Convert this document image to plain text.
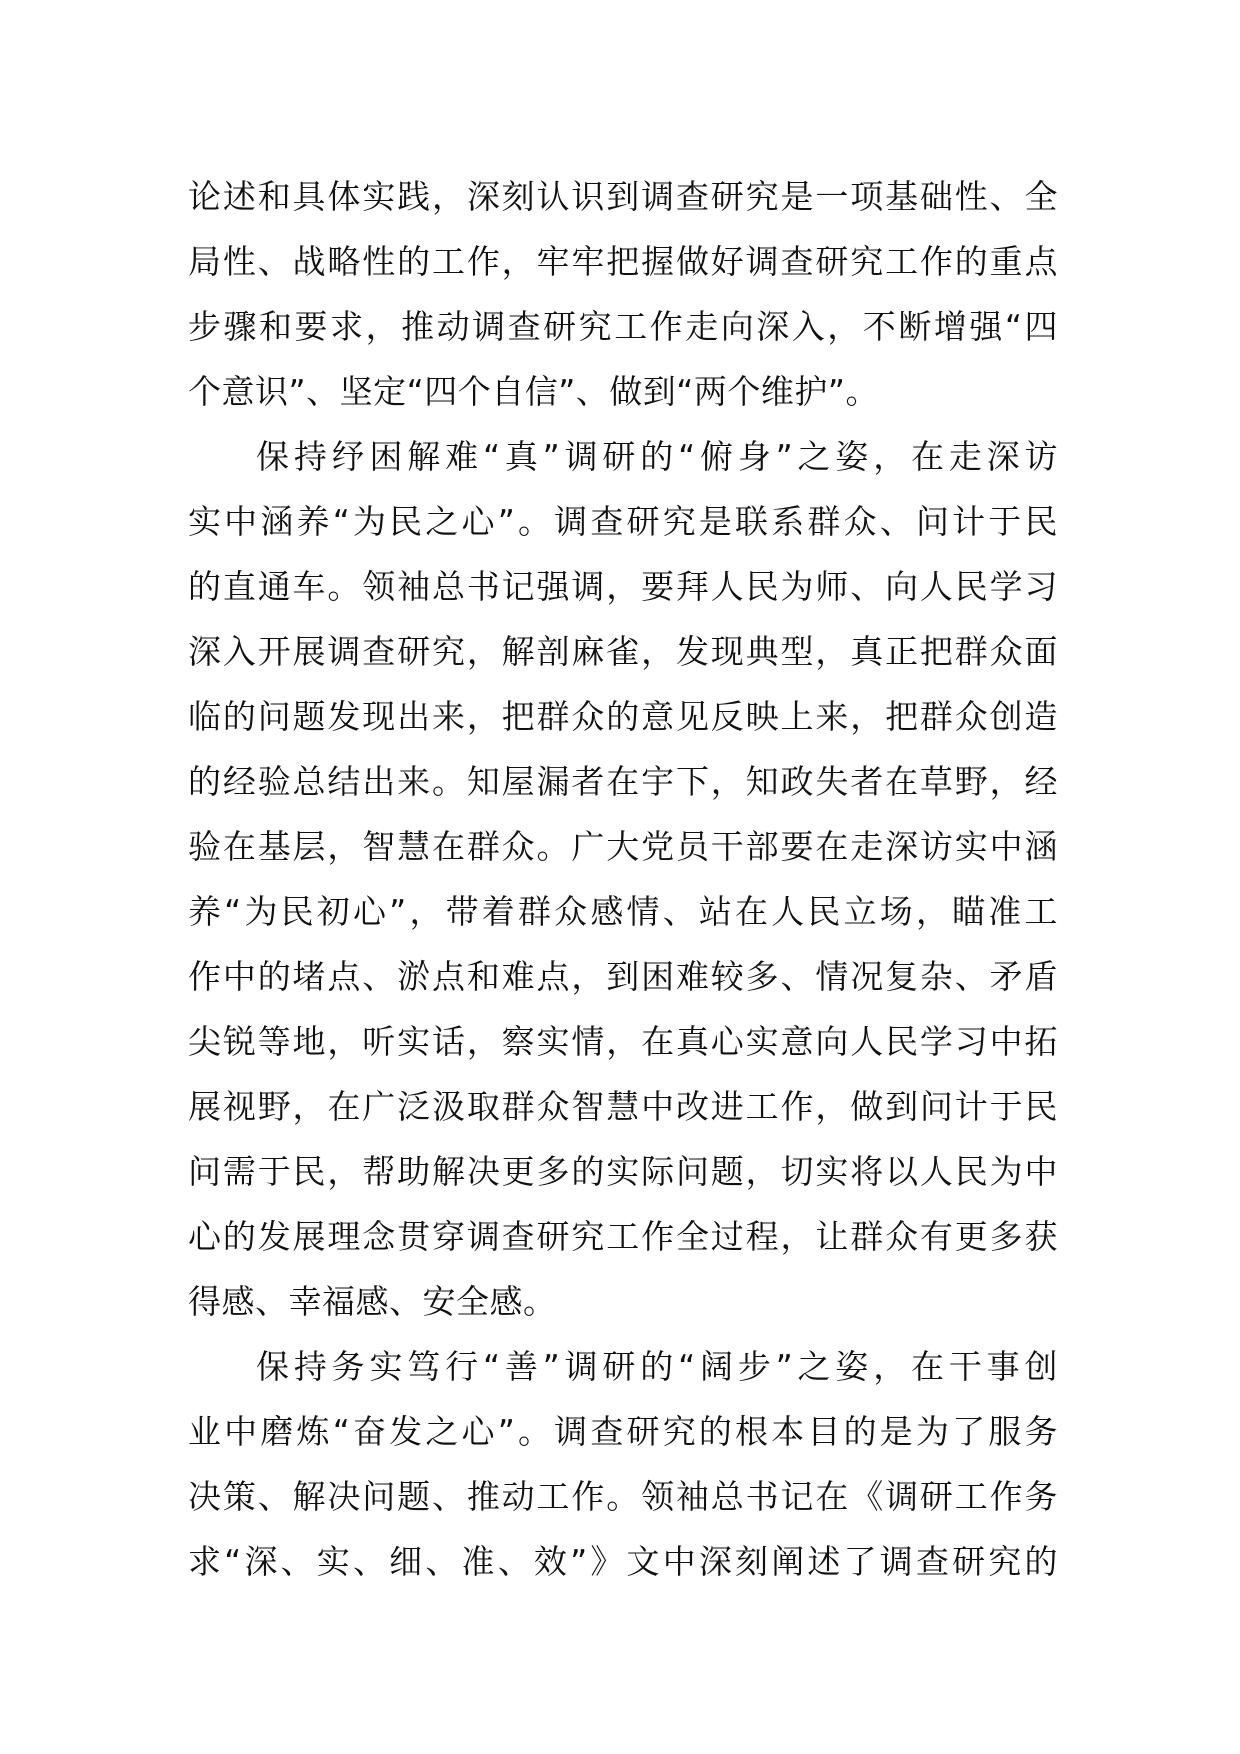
论述和具体实践，深刻认识到调查研究是一项基础性、全
局性、战略性的工作，牢牢把握做好调查研究工作的重点
步骤和要求，推动调查研究工作走向深入，不断增强“四
个意识”、坚定“四个自信”、做到“两个维护”。
保持纾困解难“真”调研的“俯身”之姿，在走深访
实中涵养“为民之心”。调查研究是联系群众、问计于民
的直通车。领袖总书记强调，要拜人民为师、向人民学习
深入开展调查研究，解剖麻雀，发现典型，真正把群众面
临的问题发现出来，把群众的意见反映上来，把群众创造
的经验总结出来。知屋漏者在宇下，知政失者在草野，经
验在基层，智慧在群众。广大党员干部要在走深访实中涵
养“为民初心”，带着群众感情、站在人民立场，瞄准工
作中的堵点、淤点和难点，到困难较多、情况复杂、矛盾
尖锐等地，听实话，察实情，在真心实意向人民学习中拓
展视野，在广泛汲取群众智慧中改进工作，做到问计于民
问需于民，帮助解决更多的实际问题，切实将以人民为中
心的发展理念贯穿调查研究工作全过程，让群众有更多获
得感、幸福感、安全感。
保持务实笃行“善”调研的“阔步”之姿，在干事创
业中磨炼“奋发之心”。调查研究的根本目的是为了服务
决策、解决问题、推动工作。领袖总书记在《调研工作务
求“深、实、细、准、效”》文中深刻阐述了调查研究的
